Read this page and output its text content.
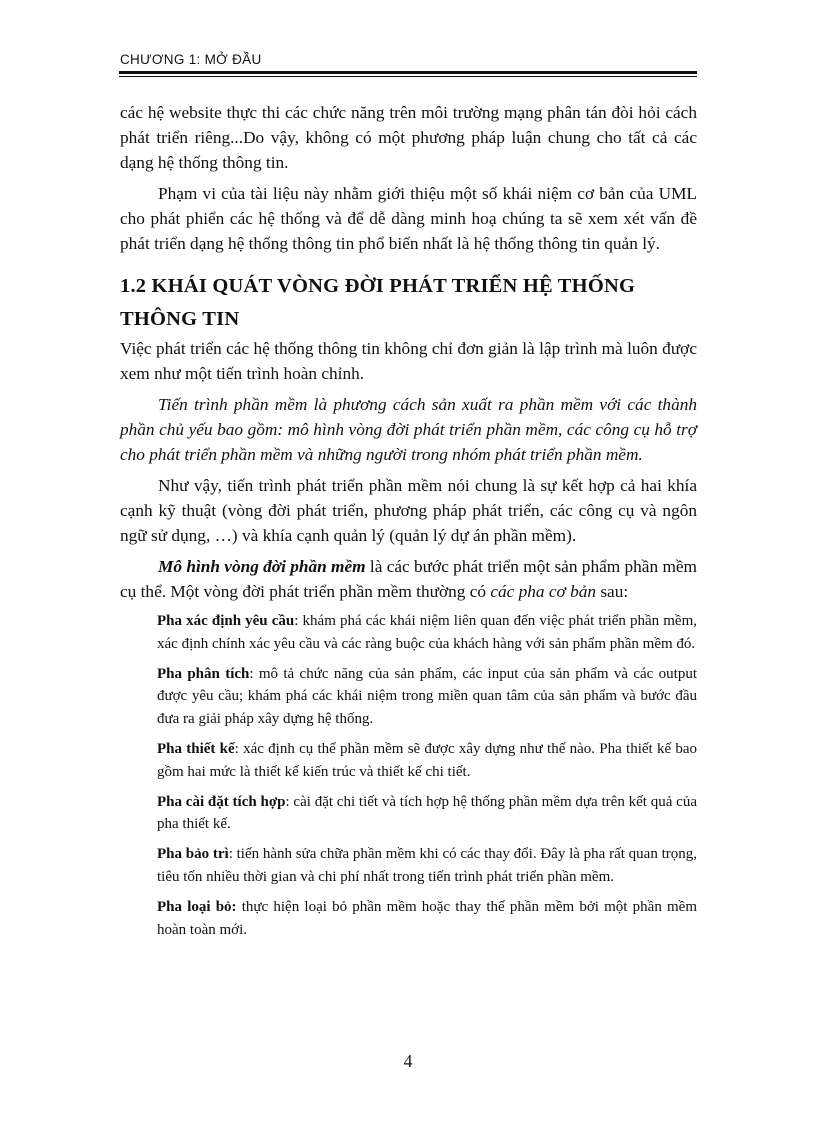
CHƯƠNG 1: MỞ ĐẦU

các hệ website thực thi các chức năng trên môi trường mạng phân tán đòi hỏi cách phát triển riêng...Do vậy, không có một phương pháp luận chung cho tất cả các dạng hệ thống thông tin.

Phạm vi của tài liệu này nhằm giới thiệu một số khái niệm cơ bản của UML cho phát phiển các hệ thống và để dễ dàng minh hoạ chúng ta sẽ xem xét vấn đề phát triển dạng hệ thống thông tin phổ biến nhất là hệ thống thông tin quản lý.

1.2 KHÁI QUÁT VÒNG ĐỜI PHÁT TRIỂN HỆ THỐNG THÔNG TIN

Việc phát triển các hệ thống thông tin không chỉ đơn giản là lập trình mà luôn được xem như một tiến trình hoàn chỉnh.

Tiến trình phần mềm là phương cách sản xuất ra phần mềm với các thành phần chủ yếu bao gồm: mô hình vòng đời phát triển phần mềm, các công cụ hỗ trợ cho phát triển phần mềm và những người trong nhóm phát triển phần mềm.

Như vậy, tiến trình phát triển phần mềm nói chung là sự kết hợp cả hai khía cạnh kỹ thuật (vòng đời phát triển, phương pháp phát triển, các công cụ và ngôn ngữ sử dụng, …) và khía cạnh quản lý (quản lý dự án phần mềm).

Mô hình vòng đời phần mềm là các bước phát triển một sản phẩm phần mềm cụ thể. Một vòng đời phát triển phần mềm thường có các pha cơ bản sau:

Pha xác định yêu cầu: khám phá các khái niệm liên quan đến việc phát triển phần mềm, xác định chính xác yêu cầu và các ràng buộc của khách hàng với sản phẩm phần mềm đó.

Pha phân tích: mô tả chức năng của sản phẩm, các input của sản phẩm và các output được yêu cầu; khám phá các khái niệm trong miền quan tâm của sản phẩm và bước đầu đưa ra giải pháp xây dựng hệ thống.

Pha thiết kế: xác định cụ thể phần mềm sẽ được xây dựng như thế nào. Pha thiết kế bao gồm hai mức là thiết kế kiến trúc và thiết kế chi tiết.

Pha cài đặt tích hợp: cài đặt chi tiết và tích hợp hệ thống phần mềm dựa trên kết quả của pha thiết kế.

Pha bảo trì: tiến hành sửa chữa phần mềm khi có các thay đổi. Đây là pha rất quan trọng, tiêu tốn nhiều thời gian và chi phí nhất trong tiến trình phát triển phần mềm.

Pha loại bỏ: thực hiện loại bỏ phần mềm hoặc thay thế phần mềm bởi một phần mềm hoàn toàn mới.

4
